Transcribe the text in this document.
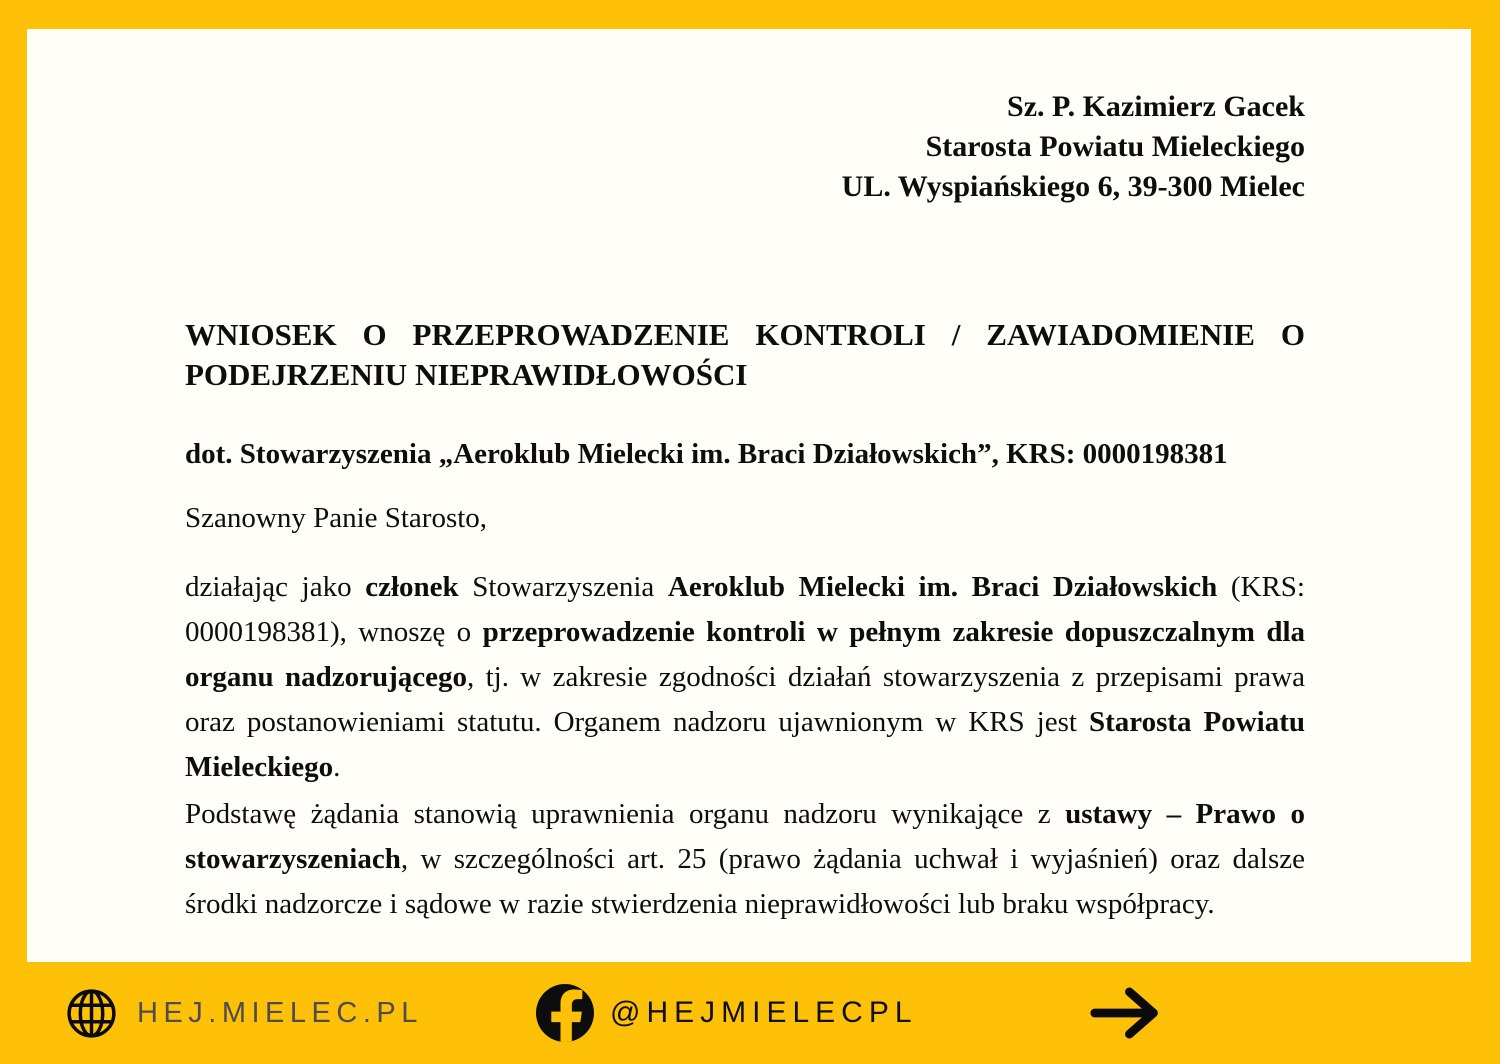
Sz. P. Kazimierz Gacek
Starosta Powiatu Mieleckiego
UL. Wyspiańskiego 6, 39-300 Mielec
WNIOSEK O PRZEPROWADZENIE KONTROLI / ZAWIADOMIENIE O
PODEJRZENIU NIEPRAWIDŁOWOŚCI
dot. Stowarzyszenia „Aeroklub Mielecki im. Braci Działowskich”, KRS: 0000198381
Szanowny Panie Starosto,
działając jako członek Stowarzyszenia Aeroklub Mielecki im. Braci Działowskich (KRS:
0000198381), wnoszę o przeprowadzenie kontroli w pełnym zakresie dopuszczalnym dla
organu nadzorującego, tj. w zakresie zgodności działań stowarzyszenia z przepisami prawa
oraz postanowieniami statutu. Organem nadzoru ujawnionym w KRS jest Starosta Powiatu
Mieleckiego.
Podstawę żądania stanowią uprawnienia organu nadzoru wynikające z ustawy – Prawo o
stowarzyszeniach, w szczególności art. 25 (prawo żądania uchwał i wyjaśnień) oraz dalsze
środki nadzorcze i sądowe w razie stwierdzenia nieprawidłowości lub braku współpracy.
HEJ.MIELEC.PL	@HEJMIELECPL
